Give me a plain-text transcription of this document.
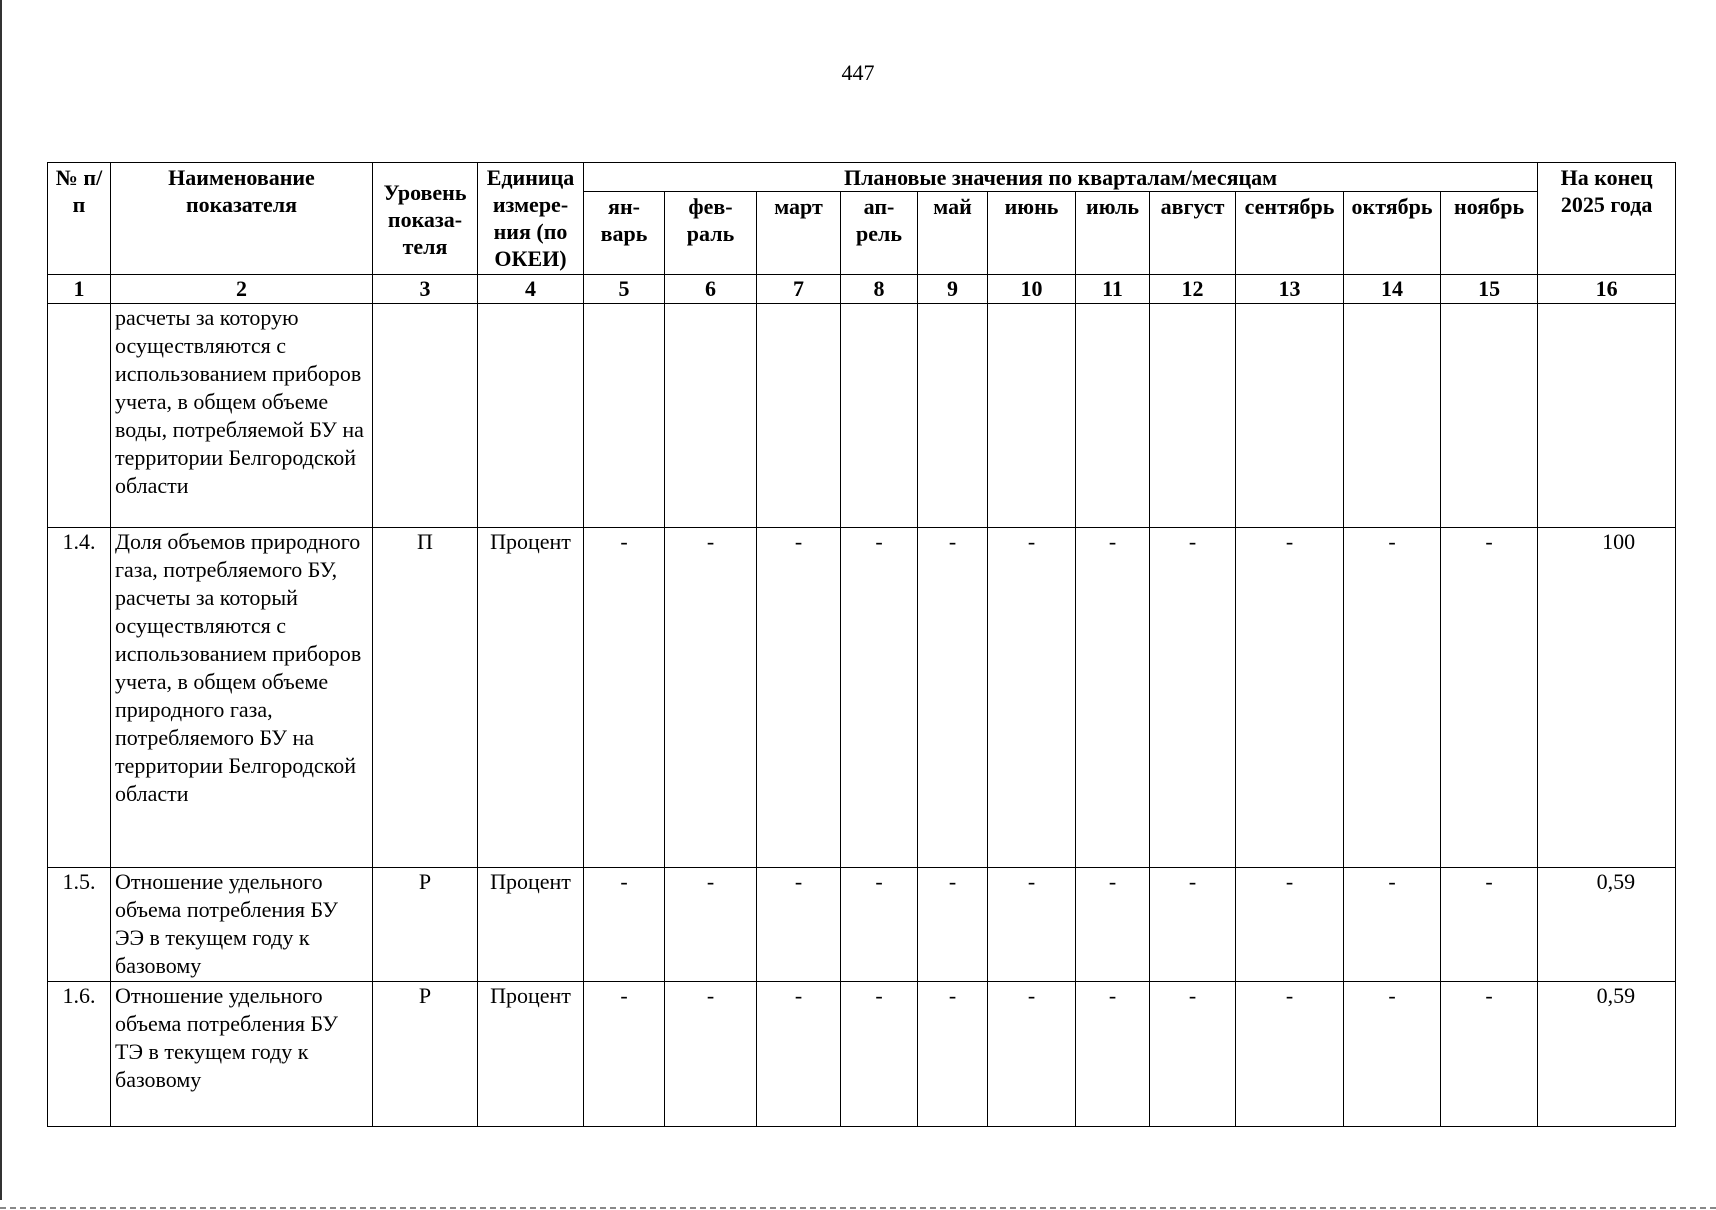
447
№ п/п	Наименование показателя	Уровень показа-теля	Единица измере-ния (по ОКЕИ)	Плановые значения по кварталам/месяцам											На конец 2025 года
				ян-варь	фев-раль	март	ап-рель	май	июнь	июль	август	сентябрь	октябрь	ноябрь	
1	2	3	4	5	6	7	8	9	10	11	12	13	14	15	16
	расчеты за которую осуществляются с использованием приборов учета, в общем объеме воды, потребляемой БУ на территории Белгородской области														
1.4.	Доля объемов природного газа, потребляемого БУ, расчеты за который осуществляются с использованием приборов учета, в общем объеме природного газа, потребляемого БУ на территории Белгородской области	П	Процент	-	-	-	-	-	-	-	-	-	-	-	100
1.5.	Отношение удельного объема потребления БУ ЭЭ в текущем году к базовому	Р	Процент	-	-	-	-	-	-	-	-	-	-	-	0,59
1.6.	Отношение удельного объема потребления БУ ТЭ в текущем году к базовому	Р	Процент	-	-	-	-	-	-	-	-	-	-	-	0,59
